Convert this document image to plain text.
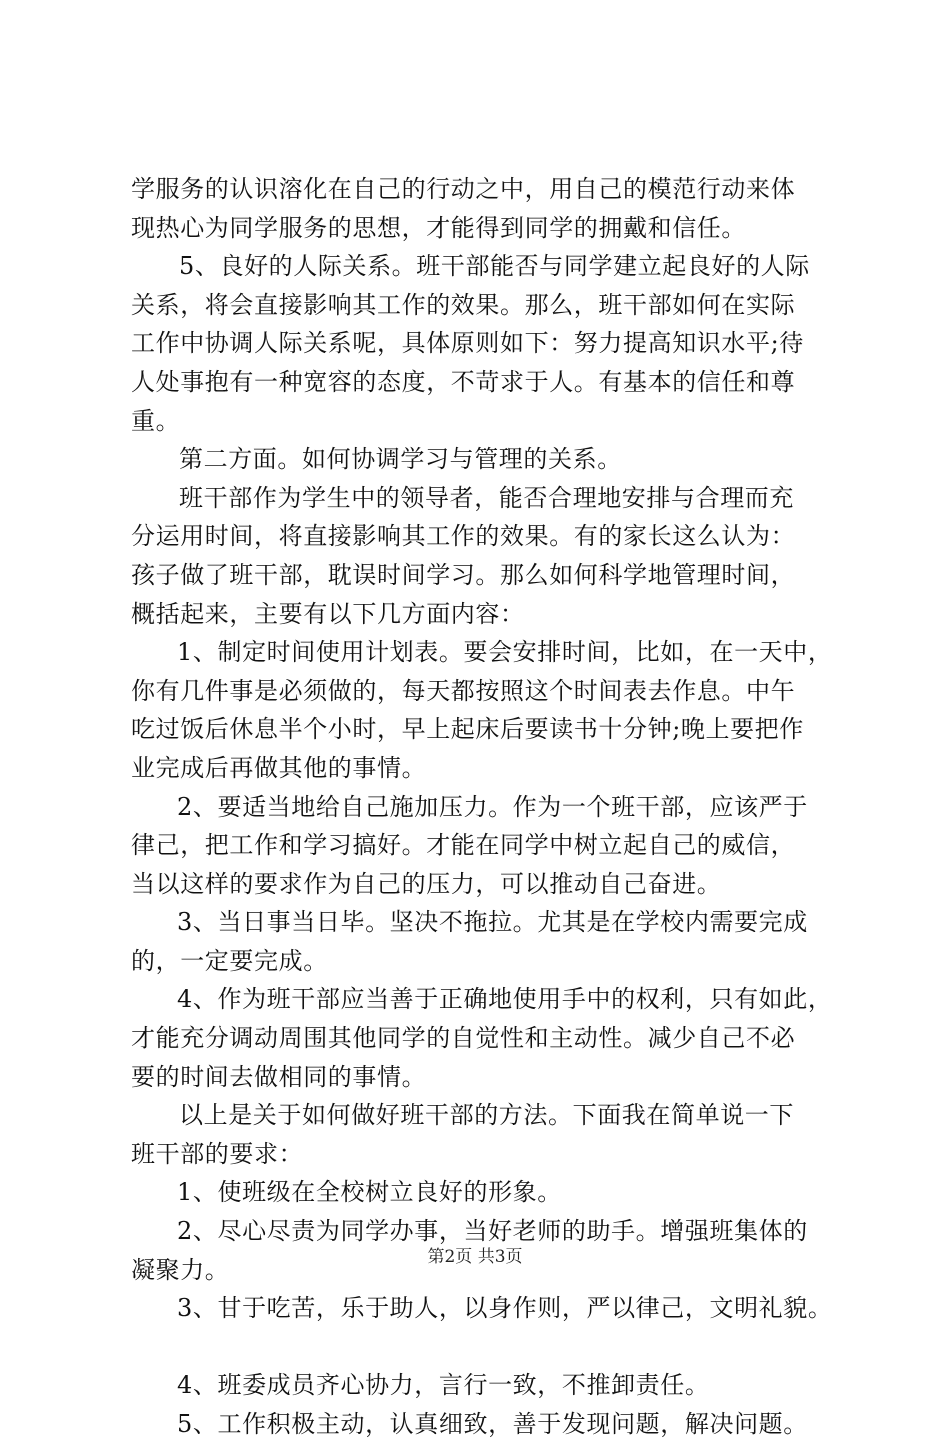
学服务的认识溶化在自己的行动之中，用自己的模范行动来体
现热心为同学服务的思想，才能得到同学的拥戴和信任。
5、良好的人际关系。班干部能否与同学建立起良好的人际
关系，将会直接影响其工作的效果。那么，班干部如何在实际
工作中协调人际关系呢，具体原则如下：努力提高知识水平;待
人处事抱有一种宽容的态度，不苛求于人。有基本的信任和尊
重。
第二方面。如何协调学习与管理的关系。
班干部作为学生中的领导者，能否合理地安排与合理而充
分运用时间，将直接影响其工作的效果。有的家长这么认为：
孩子做了班干部，耽误时间学习。那么如何科学地管理时间，
概括起来，主要有以下几方面内容：
1、制定时间使用计划表。要会安排时间，比如，在一天中，
你有几件事是必须做的，每天都按照这个时间表去作息。中午
吃过饭后休息半个小时，早上起床后要读书十分钟;晚上要把作
业完成后再做其他的事情。
2、要适当地给自己施加压力。作为一个班干部，应该严于
律己，把工作和学习搞好。才能在同学中树立起自己的威信，
当以这样的要求作为自己的压力，可以推动自己奋进。
3、当日事当日毕。坚决不拖拉。尤其是在学校内需要完成
的，一定要完成。
4、作为班干部应当善于正确地使用手中的权利，只有如此，
才能充分调动周围其他同学的自觉性和主动性。减少自己不必
要的时间去做相同的事情。
以上是关于如何做好班干部的方法。下面我在简单说一下
班干部的要求：
1、使班级在全校树立良好的形象。
2、尽心尽责为同学办事，当好老师的助手。增强班集体的
凝聚力。
3、甘于吃苦，乐于助人，以身作则，严以律己，文明礼貌。
4、班委成员齐心协力，言行一致，不推卸责任。
5、工作积极主动，认真细致，善于发现问题，解决问题。
第2页 共3页
